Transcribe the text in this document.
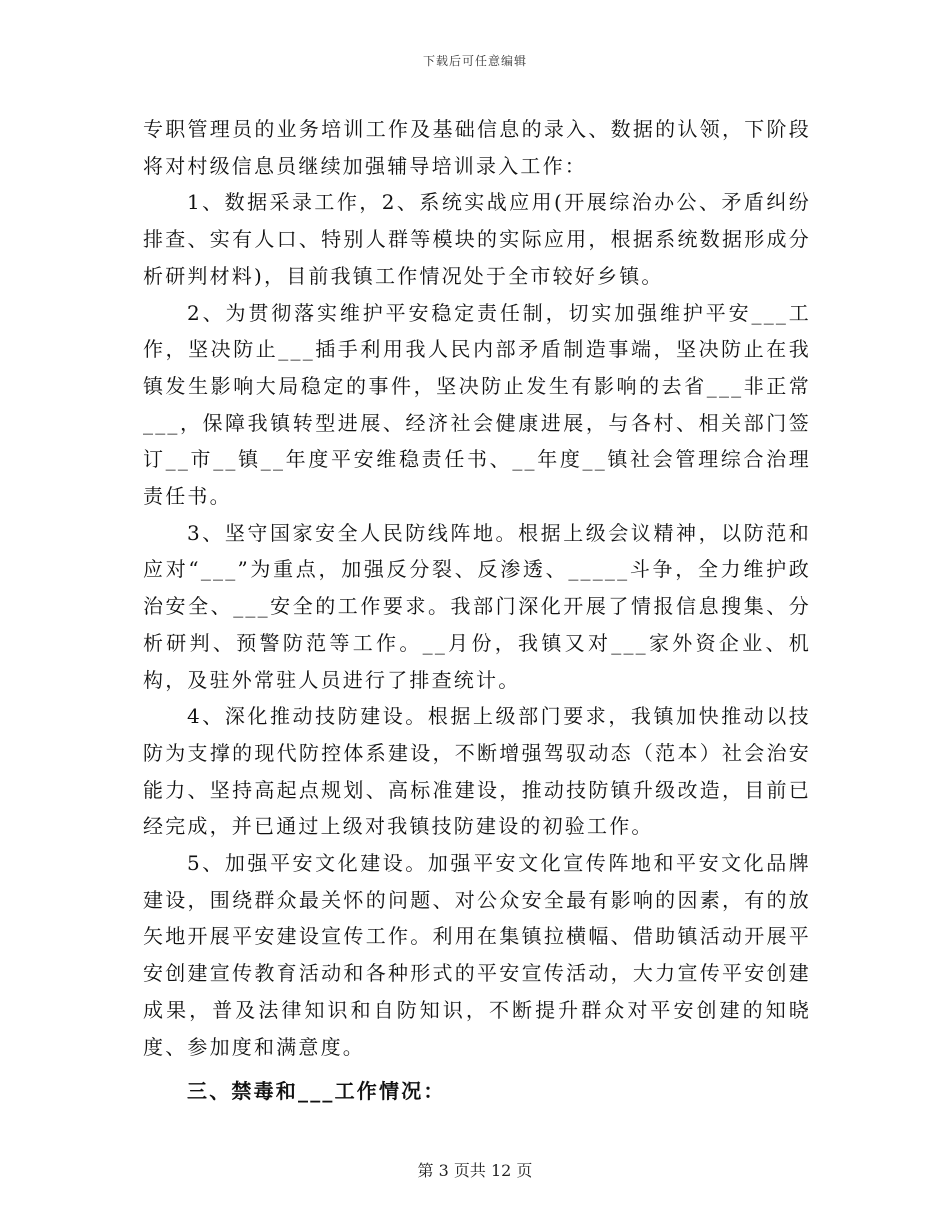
下载后可任意编辑

专职管理员的业务培训工作及基础信息的录入、数据的认领，下阶段将对村级信息员继续加强辅导培训录入工作：

1、数据采录工作，2、系统实战应用(开展综治办公、矛盾纠纷排查、实有人口、特别人群等模块的实际应用，根据系统数据形成分析研判材料)，目前我镇工作情况处于全市较好乡镇。

2、为贯彻落实维护平安稳定责任制，切实加强维护平安___工作，坚决防止___插手利用我人民内部矛盾制造事端，坚决防止在我镇发生影响大局稳定的事件，坚决防止发生有影响的去省___非正常___，保障我镇转型进展、经济社会健康进展，与各村、相关部门签订__市__镇__年度平安维稳责任书、__年度__镇社会管理综合治理责任书。

3、坚守国家安全人民防线阵地。根据上级会议精神，以防范和应对“___”为重点，加强反分裂、反渗透、_____斗争，全力维护政治安全、___安全的工作要求。我部门深化开展了情报信息搜集、分析研判、预警防范等工作。__月份，我镇又对___家外资企业、机构，及驻外常驻人员进行了排查统计。

4、深化推动技防建设。根据上级部门要求，我镇加快推动以技防为支撑的现代防控体系建设，不断增强驾驭动态（范本）社会治安能力、坚持高起点规划、高标准建设，推动技防镇升级改造，目前已经完成，并已通过上级对我镇技防建设的初验工作。

5、加强平安文化建设。加强平安文化宣传阵地和平安文化品牌建设，围绕群众最关怀的问题、对公众安全最有影响的因素，有的放矢地开展平安建设宣传工作。利用在集镇拉横幅、借助镇活动开展平安创建宣传教育活动和各种形式的平安宣传活动，大力宣传平安创建成果，普及法律知识和自防知识，不断提升群众对平安创建的知晓度、参加度和满意度。

三、禁毒和___工作情况：

第 3 页共 12 页
